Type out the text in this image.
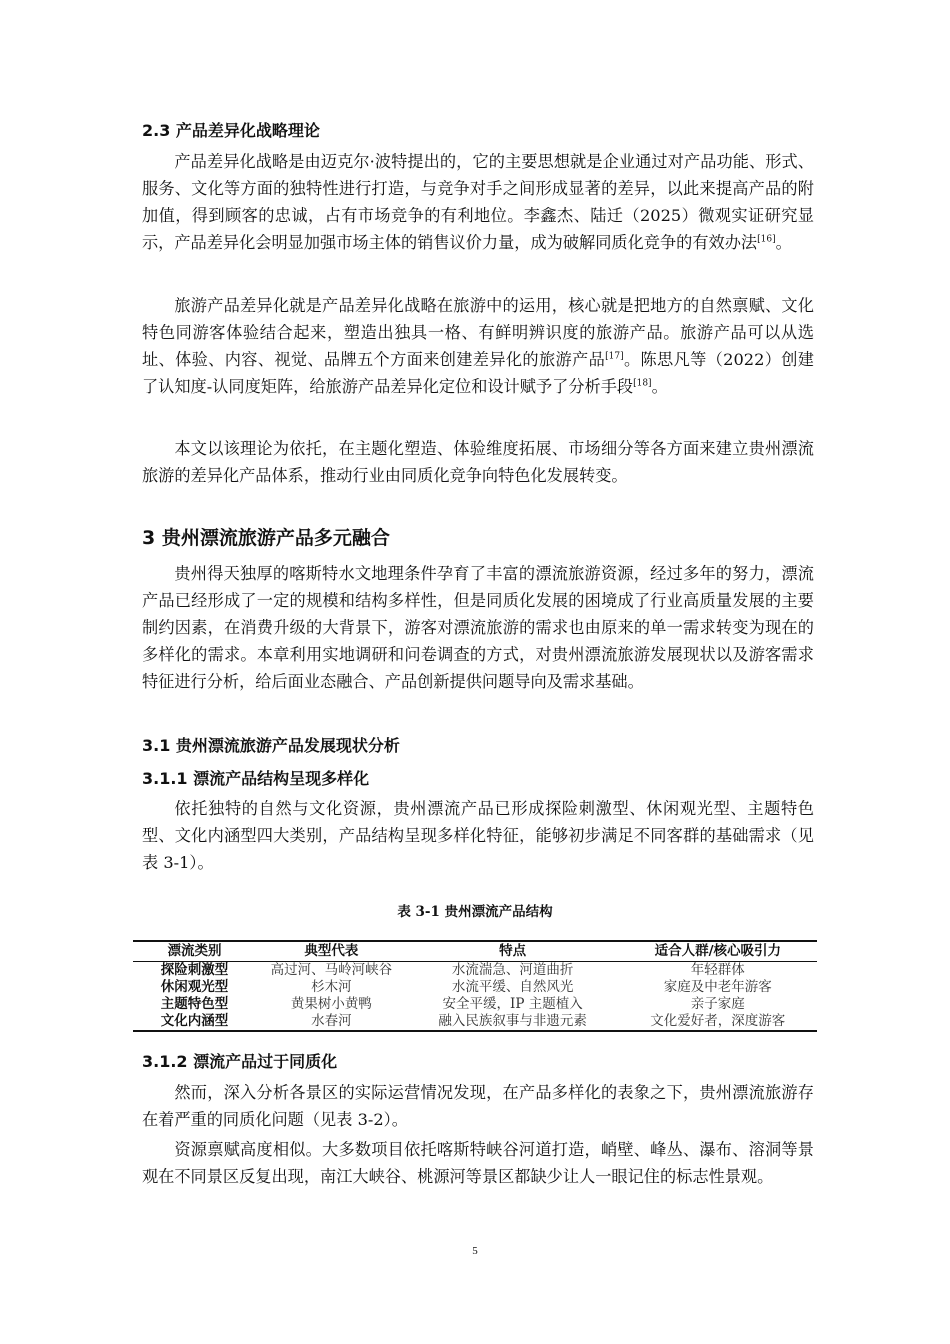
2.3 产品差异化战略理论

产品差异化战略是由迈克尔·波特提出的，它的主要思想就是企业通过对产品功能、形式、服务、文化等方面的独特性进行打造，与竞争对手之间形成显著的差异，以此来提高产品的附加值，得到顾客的忠诚，占有市场竞争的有利地位。李鑫杰、陆迁（2025）微观实证研究显示，产品差异化会明显加强市场主体的销售议价力量，成为破解同质化竞争的有效办法[16]。

旅游产品差异化就是产品差异化战略在旅游中的运用，核心就是把地方的自然禀赋、文化特色同游客体验结合起来，塑造出独具一格、有鲜明辨识度的旅游产品。旅游产品可以从选址、体验、内容、视觉、品牌五个方面来创建差异化的旅游产品[17]。陈思凡等（2022）创建了认知度-认同度矩阵，给旅游产品差异化定位和设计赋予了分析手段[18]。

本文以该理论为依托，在主题化塑造、体验维度拓展、市场细分等各方面来建立贵州漂流旅游的差异化产品体系，推动行业由同质化竞争向特色化发展转变。

3 贵州漂流旅游产品多元融合

贵州得天独厚的喀斯特水文地理条件孕育了丰富的漂流旅游资源，经过多年的努力，漂流产品已经形成了一定的规模和结构多样性，但是同质化发展的困境成了行业高质量发展的主要制约因素，在消费升级的大背景下，游客对漂流旅游的需求也由原来的单一需求转变为现在的多样化的需求。本章利用实地调研和问卷调查的方式，对贵州漂流旅游发展现状以及游客需求特征进行分析，给后面业态融合、产品创新提供问题导向及需求基础。

3.1 贵州漂流旅游产品发展现状分析
3.1.1 漂流产品结构呈现多样化

依托独特的自然与文化资源，贵州漂流产品已形成探险刺激型、休闲观光型、主题特色型、文化内涵型四大类别，产品结构呈现多样化特征，能够初步满足不同客群的基础需求（见表 3-1）。

表 3-1 贵州漂流产品结构
漂流类别	典型代表	特点	适合人群/核心吸引力
探险刺激型	高过河、马岭河峡谷	水流湍急、河道曲折	年轻群体
休闲观光型	杉木河	水流平缓、自然风光	家庭及中老年游客
主题特色型	黄果树小黄鸭	安全平缓，IP 主题植入	亲子家庭
文化内涵型	水春河	融入民族叙事与非遗元素	文化爱好者，深度游客
3.1.2 漂流产品过于同质化

然而，深入分析各景区的实际运营情况发现，在产品多样化的表象之下，贵州漂流旅游存在着严重的同质化问题（见表 3-2）。

资源禀赋高度相似。大多数项目依托喀斯特峡谷河道打造，峭壁、峰丛、瀑布、溶洞等景观在不同景区反复出现，南江大峡谷、桃源河等景区都缺少让人一眼记住的标志性景观。

5
